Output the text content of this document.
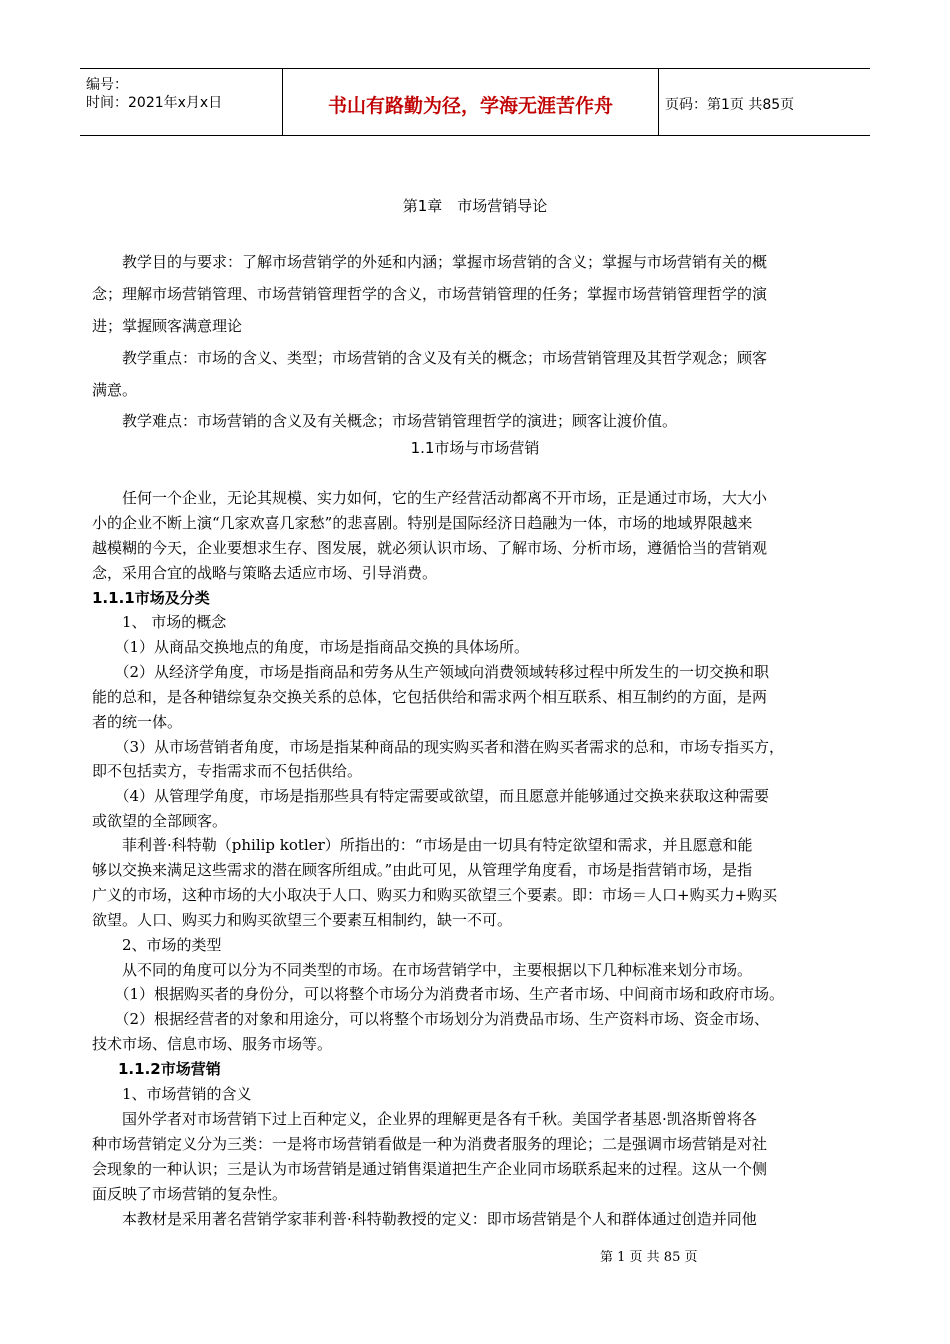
编号：
时间：2021年x月x日	书山有路勤为径，学海无涯苦作舟	页码：第1页 共85页
第1章　市场营销导论
　　教学目的与要求：了解市场营销学的外延和内涵；掌握市场营销的含义；掌握与市场营销有关的概
念；理解市场营销管理、市场营销管理哲学的含义，市场营销管理的任务；掌握市场营销管理哲学的演
进；掌握顾客满意理论
　　教学重点：市场的含义、类型；市场营销的含义及有关的概念；市场营销管理及其哲学观念；顾客
满意。
　　教学难点：市场营销的含义及有关概念；市场营销管理哲学的演进；顾客让渡价值。
1.1市场与市场营销
　　任何一个企业，无论其规模、实力如何，它的生产经营活动都离不开市场，正是通过市场，大大小
小的企业不断上演“几家欢喜几家愁”的悲喜剧。特别是国际经济日趋融为一体，市场的地域界限越来
越模糊的今天，企业要想求生存、图发展，就必须认识市场、了解市场、分析市场，遵循恰当的营销观
念，采用合宜的战略与策略去适应市场、引导消费。
1.1.1市场及分类
　　1、 市场的概念
　　（1）从商品交换地点的角度，市场是指商品交换的具体场所。
　　（2）从经济学角度，市场是指商品和劳务从生产领域向消费领域转移过程中所发生的一切交换和职
能的总和，是各种错综复杂交换关系的总体，它包括供给和需求两个相互联系、相互制约的方面，是两
者的统一体。
　　（3）从市场营销者角度，市场是指某种商品的现实购买者和潜在购买者需求的总和，市场专指买方，
即不包括卖方，专指需求而不包括供给。
　　（4）从管理学角度，市场是指那些具有特定需要或欲望，而且愿意并能够通过交换来获取这种需要
或欲望的全部顾客。
　　菲利普·科特勒（philip kotler）所指出的：“市场是由一切具有特定欲望和需求，并且愿意和能
够以交换来满足这些需求的潜在顾客所组成。”由此可见，从管理学角度看，市场是指营销市场，是指
广义的市场，这种市场的大小取决于人口、购买力和购买欲望三个要素。即：市场＝人口+购买力+购买
欲望。人口、购买力和购买欲望三个要素互相制约，缺一不可。
　　2、市场的类型
　　从不同的角度可以分为不同类型的市场。在市场营销学中，主要根据以下几种标准来划分市场。
　　（1）根据购买者的身份分，可以将整个市场分为消费者市场、生产者市场、中间商市场和政府市场。
　　（2）根据经营者的对象和用途分，可以将整个市场划分为消费品市场、生产资料市场、资金市场、
技术市场、信息市场、服务市场等。
1.1.2市场营销
　　1、市场营销的含义
　　国外学者对市场营销下过上百种定义，企业界的理解更是各有千秋。美国学者基恩·凯洛斯曾将各
种市场营销定义分为三类：一是将市场营销看做是一种为消费者服务的理论；二是强调市场营销是对社
会现象的一种认识；三是认为市场营销是通过销售渠道把生产企业同市场联系起来的过程。这从一个侧
面反映了市场营销的复杂性。
　　本教材是采用著名营销学家菲利普·科特勒教授的定义：即市场营销是个人和群体通过创造并同他
第 1 页 共 85 页
